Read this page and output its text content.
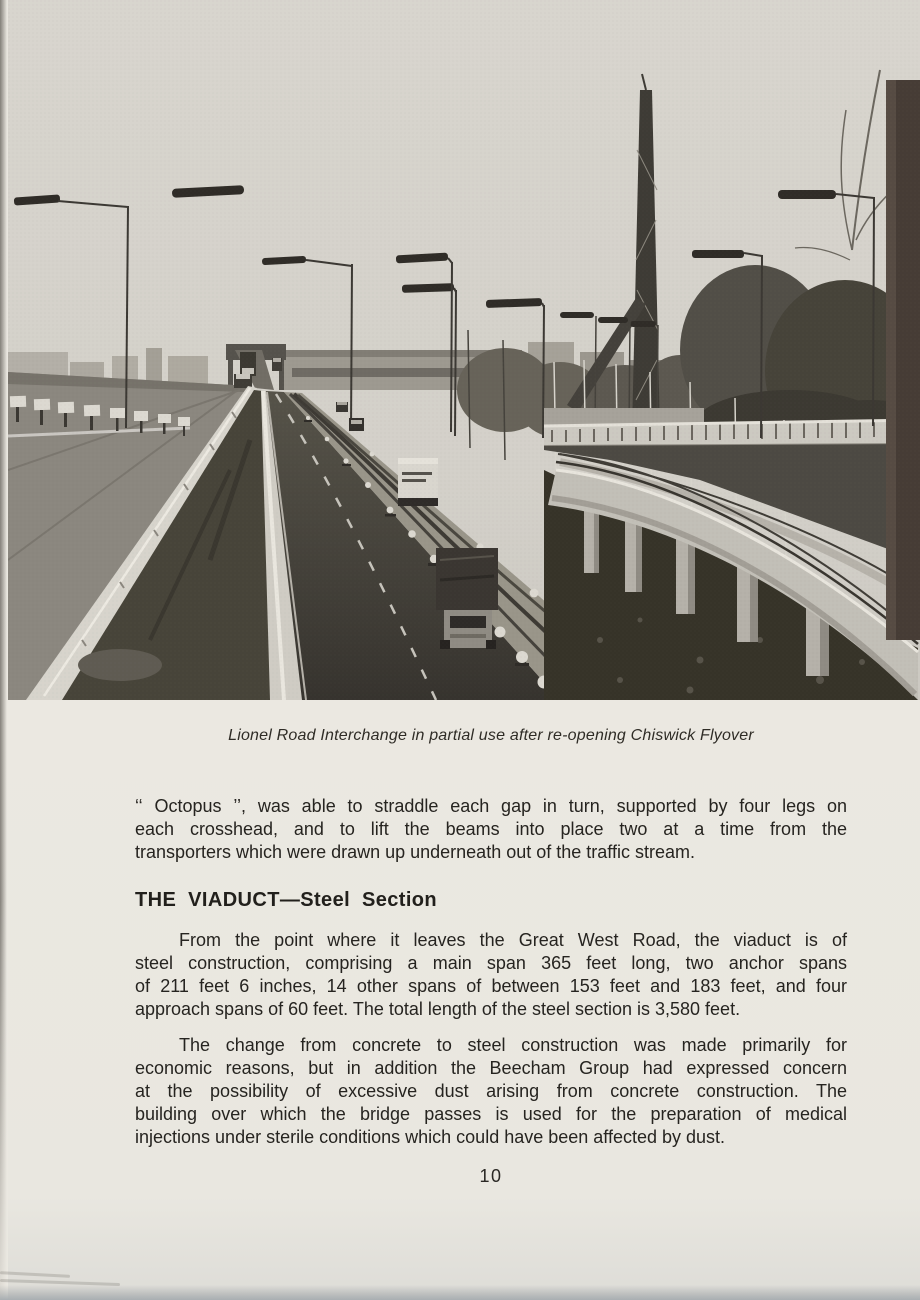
Lionel Road Interchange in partial use after re-opening Chiswick Flyover
‘‘ Octopus ’’, was able to straddle each gap in turn, supported by four legs on
each crosshead, and to lift the beams into place two at a time from the
transporters which were drawn up underneath out of the traffic stream.
THE VIADUCT—Steel Section
From the point where it leaves the Great West Road, the viaduct is of
steel construction, comprising a main span 365 feet long, two anchor spans
of 211 feet 6 inches, 14 other spans of between 153 feet and 183 feet, and four
approach spans of 60 feet. The total length of the steel section is 3,580 feet.
The change from concrete to steel construction was made primarily for
economic reasons, but in addition the Beecham Group had expressed concern
at the possibility of excessive dust arising from concrete construction. The
building over which the bridge passes is used for the preparation of medical
injections under sterile conditions which could have been affected by dust.
10
